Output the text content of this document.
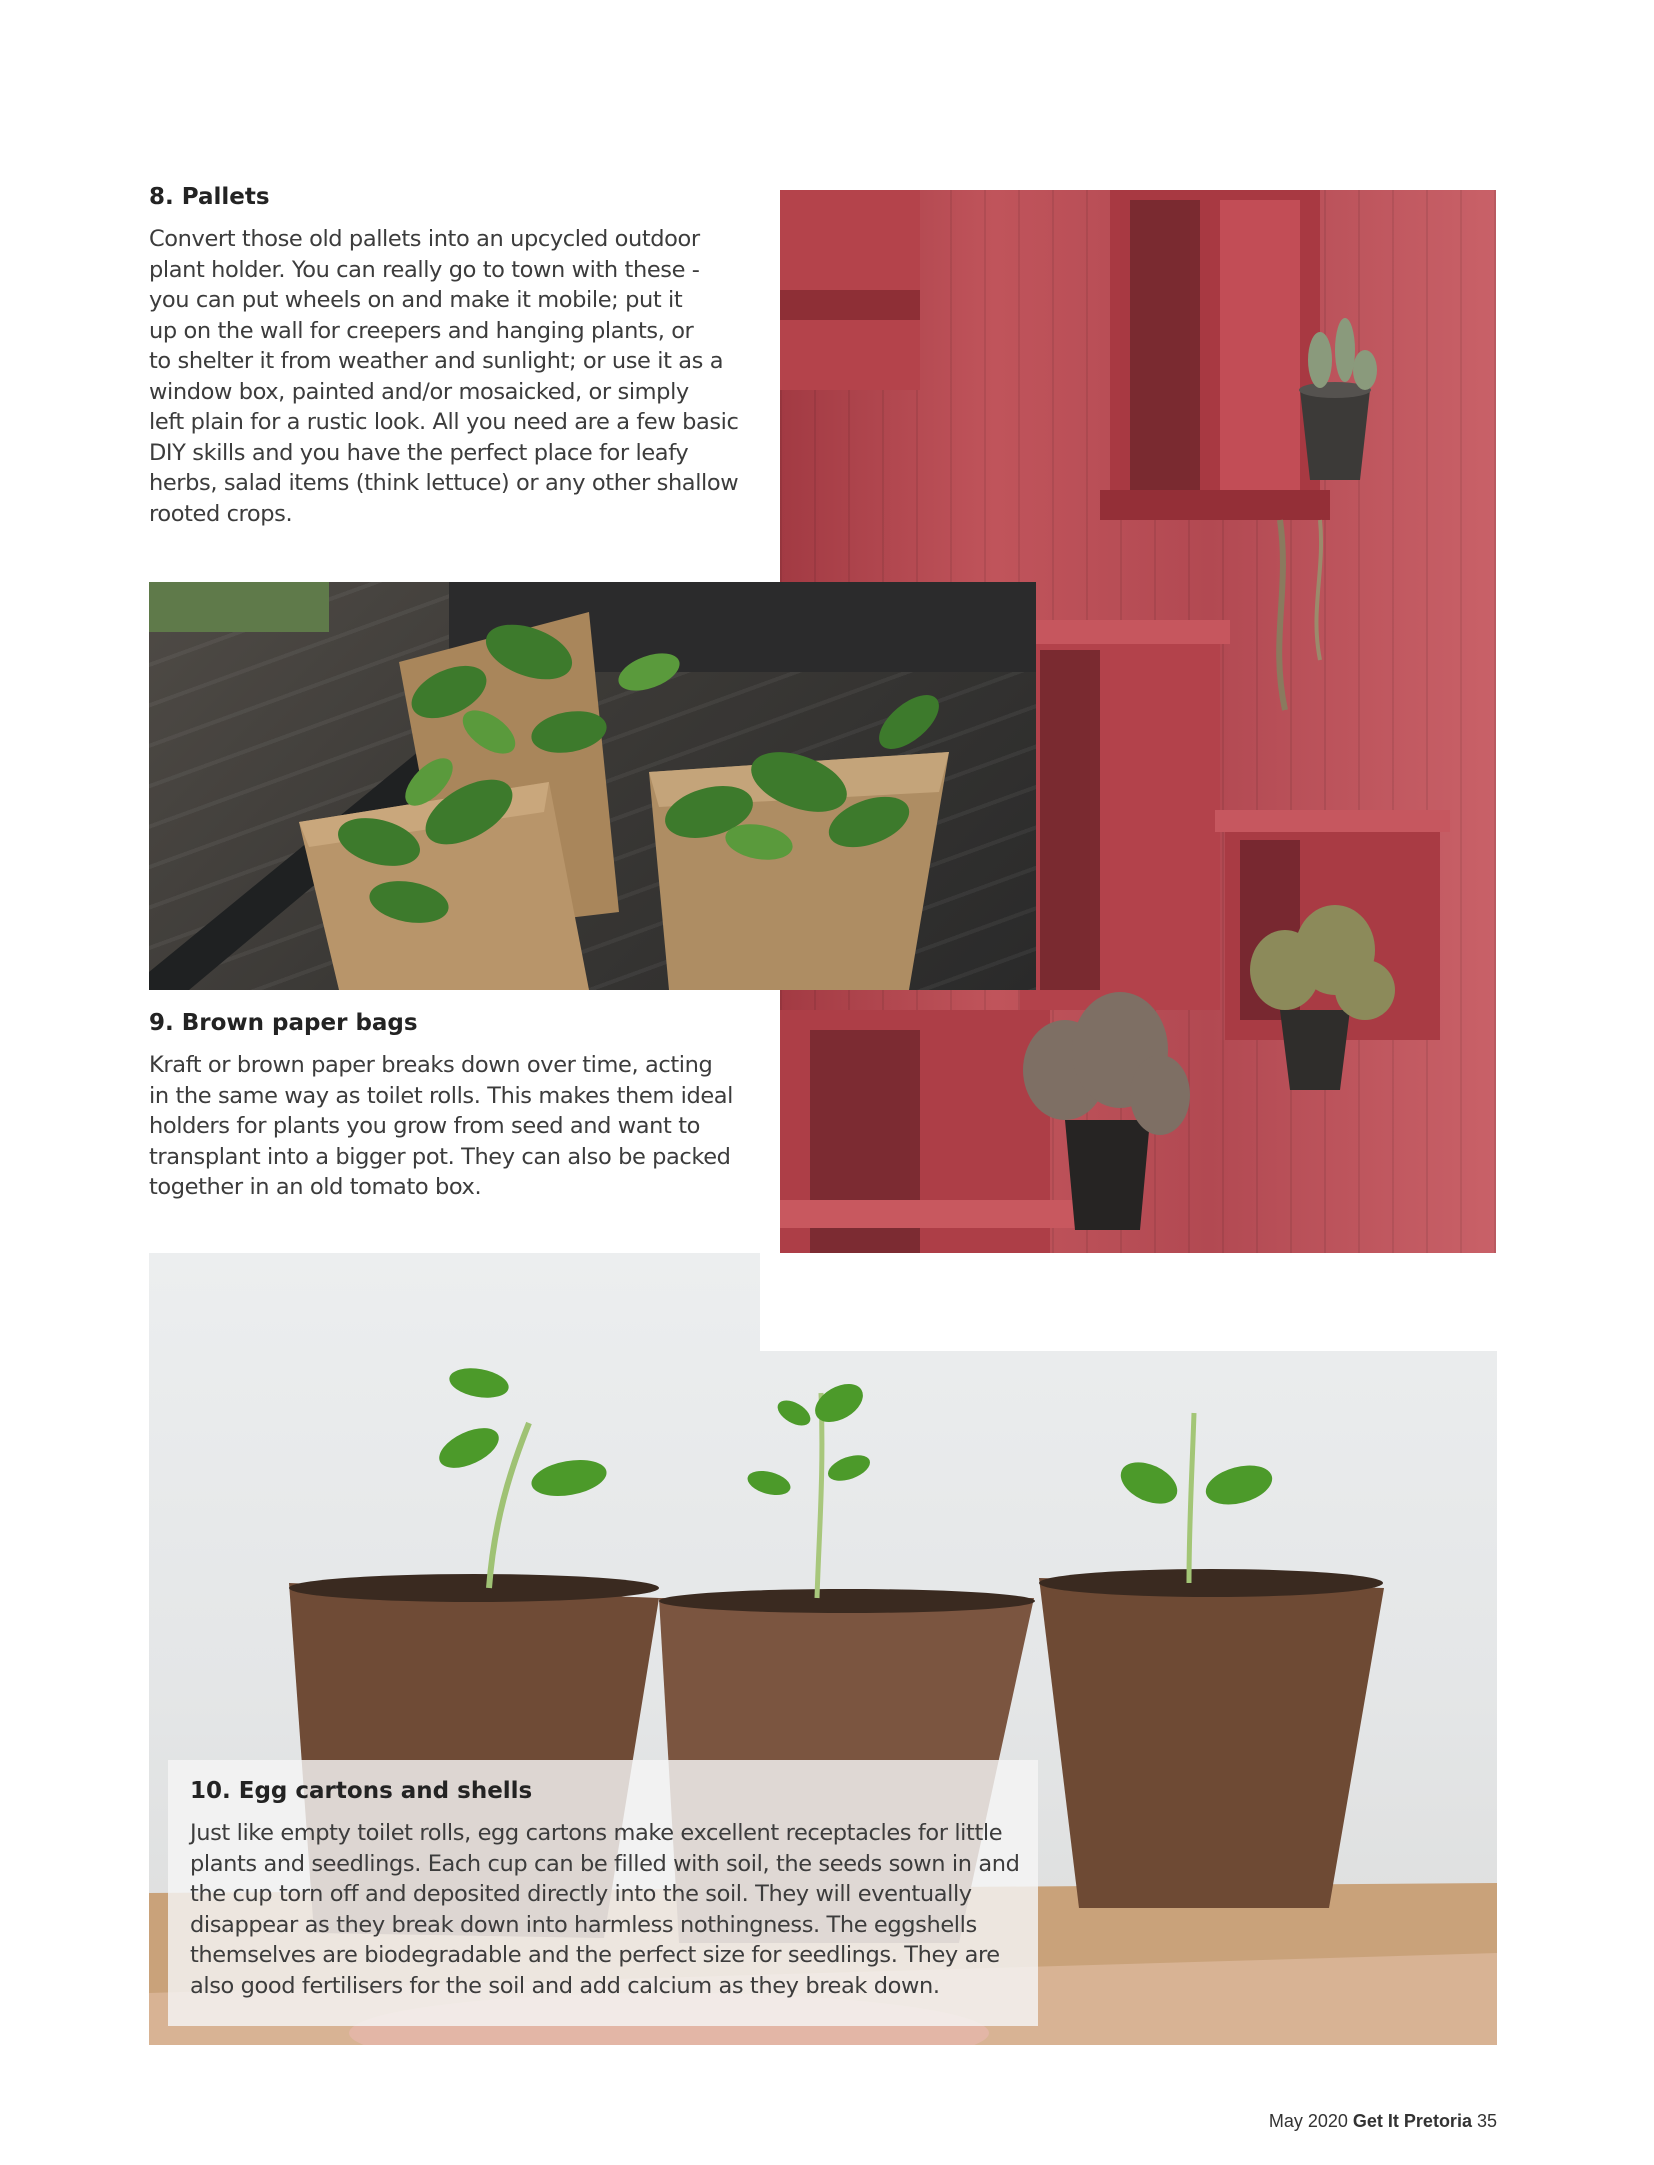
8. Pallets

Convert those old pallets into an upcycled outdoor

plant holder. You can really go to town with these -

you can put wheels on and make it mobile; put it

up on the wall for creepers and hanging plants, or

to shelter it from weather and sunlight; or use it as a

window box, painted and/or mosaicked, or simply

left plain for a rustic look. All you need are a few basic

DIY skills and you have the perfect place for leafy

herbs, salad items (think lettuce) or any other shallow

rooted crops.

9. Brown paper bags

Kraft or brown paper breaks down over time, acting

in the same way as toilet rolls. This makes them ideal

holders for plants you grow from seed and want to

transplant into a bigger pot. They can also be packed

together in an old tomato box.

10. Egg cartons and shells

Just like empty toilet rolls, egg cartons make excellent receptacles for little

plants and seedlings. Each cup can be filled with soil, the seeds sown in and

the cup torn off and deposited directly into the soil. They will eventually

disappear as they break down into harmless nothingness. The eggshells

themselves are biodegradable and the perfect size for seedlings. They are

also good fertilisers for the soil and add calcium as they break down.

May 2020 Get It Pretoria 35
